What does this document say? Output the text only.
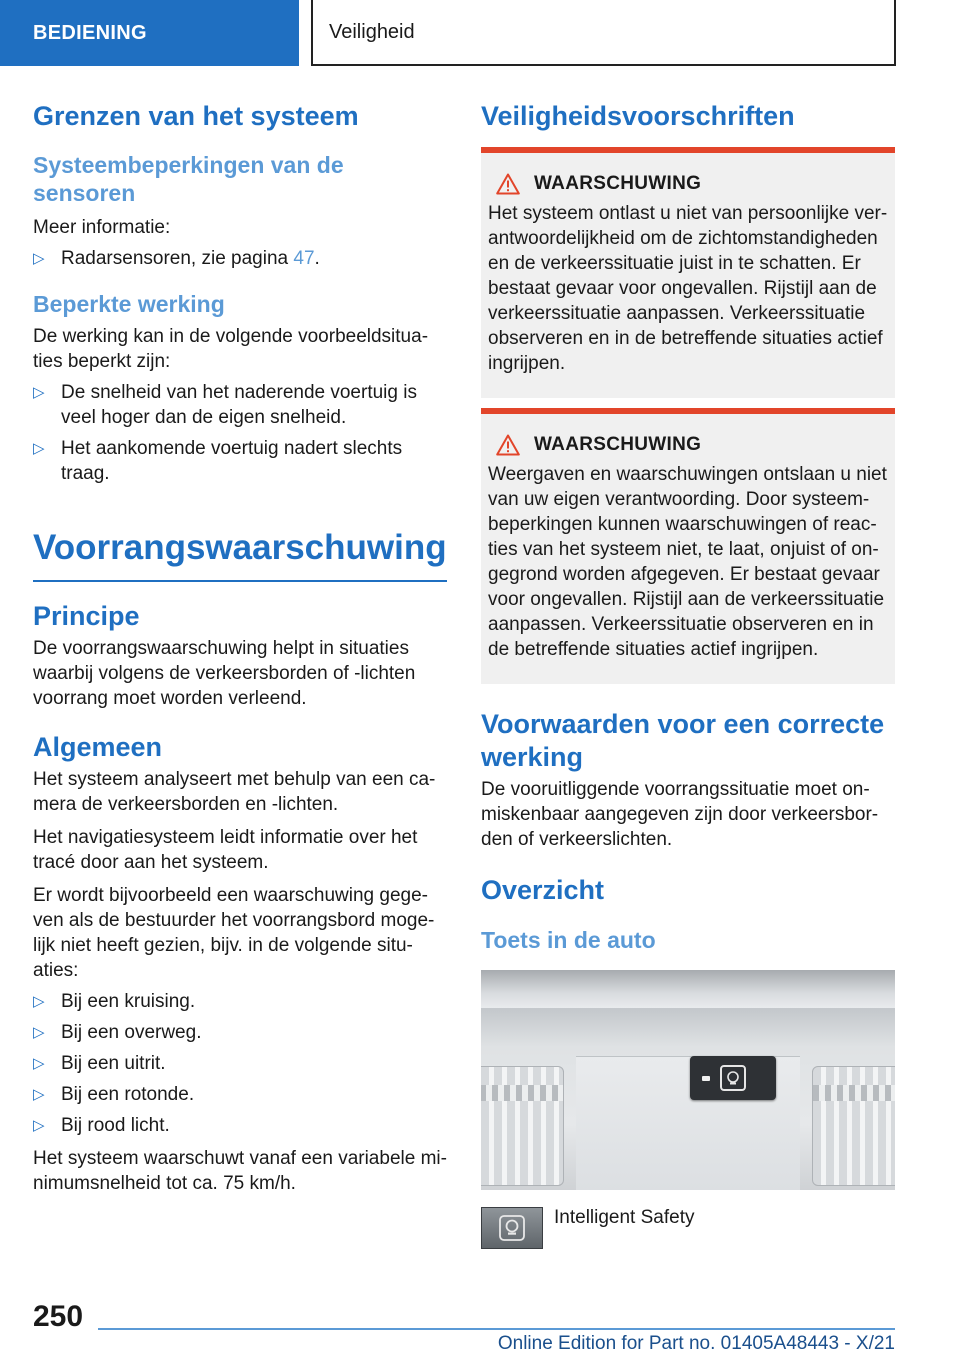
BEDIENING	Veiligheid
Grenzen van het systeem
Systeembeperkingen van de sensoren

Meer informatie:

▷ Radarsensoren, zie pagina 47.
Beperkte werking

De werking kan in de volgende voorbeeldsitua-ties beperkt zijn:

▷ De snelheid van het naderende voertuig is veel hoger dan de eigen snelheid.
▷ Het aankomende voertuig nadert slechts traag.
Voorrangswaarschuwing
Principe

De voorrangswaarschuwing helpt in situaties waarbij volgens de verkeersborden of -lichten voorrang moet worden verleend.

Algemeen

Het systeem analyseert met behulp van een ca-mera de verkeersborden en -lichten.

Het navigatiesysteem leidt informatie over het tracé door aan het systeem.

Er wordt bijvoorbeeld een waarschuwing gege-ven als de bestuurder het voorrangsbord moge-lijk niet heeft gezien, bijv. in de volgende situ-aties:

▷ Bij een kruising.
▷ Bij een overweg.
▷ Bij een uitrit.
▷ Bij een rotonde.
▷ Bij rood licht.

Het systeem waarschuwt vanaf een variabele mi-nimumsnelheid tot ca. 75 km/h.

Veiligheidsvoorschriften
WAARSCHUWING

Het systeem ontlast u niet van persoonlijke ver-antwoordelijkheid om de zichtomstandigheden en de verkeerssituatie juist in te schatten. Er bestaat gevaar voor ongevallen. Rijstijl aan de verkeerssituatie aanpassen. Verkeerssituatie observeren en in de betreffende situaties actief ingrijpen.

WAARSCHUWING

Weergaven en waarschuwingen ontslaan u niet van uw eigen verantwoording. Door systeem-beperkingen kunnen waarschuwingen of reac-ties van het systeem niet, te laat, onjuist of on-gegrond worden afgegeven. Er bestaat gevaar voor ongevallen. Rijstijl aan de verkeerssituatie aanpassen. Verkeerssituatie observeren en in de betreffende situaties actief ingrijpen.

Voorwaarden voor een correcte werking

De vooruitliggende voorrangssituatie moet on-miskenbaar aangegeven zijn door verkeersbor-den of verkeerslichten.

Overzicht
Toets in de auto
Intelligent Safety
250
Online Edition for Part no. 01405A48443 - X/21
